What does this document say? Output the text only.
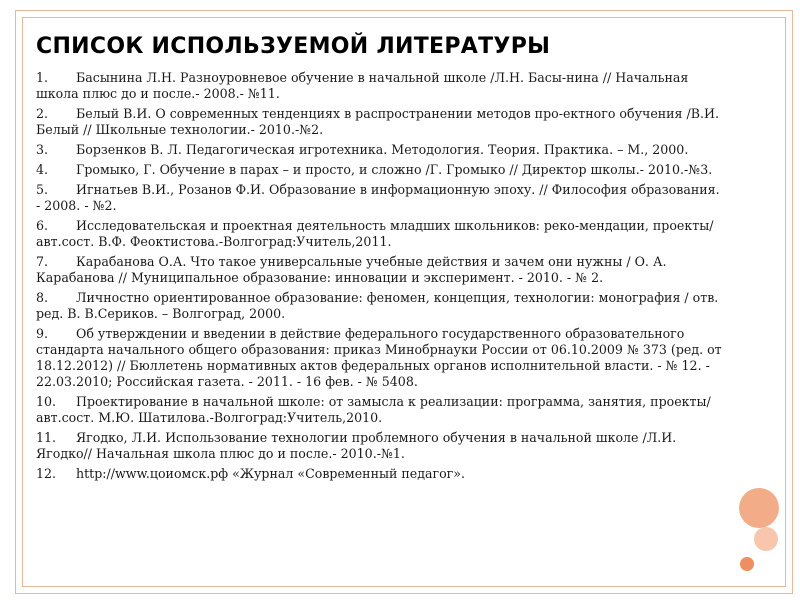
СПИСОК ИСПОЛЬЗУЕМОЙ ЛИТЕРАТУРЫ
1. Басынина Л.Н. Разноуровневое обучение в начальной школе /Л.Н. Басы-нина // Начальная школа плюс до и после.- 2008.- №11.
2. Белый В.И. О современных тенденциях в распространении методов про-ектного обучения /В.И. Белый // Школьные технологии.- 2010.-№2.
3. Борзенков В. Л. Педагогическая игротехника. Методология. Теория. Практика. – М., 2000.
4. Громыко, Г. Обучение в парах – и просто, и сложно /Г. Громыко // Директор школы.- 2010.-№3.
5. Игнатьев В.И., Розанов Ф.И. Образование в информационную эпоху. // Философия образования. - 2008. - №2.
6. Исследовательская и проектная деятельность младших школьников: реко-мендации, проекты/авт.сост. В.Ф. Феоктистова.-Волгоград:Учитель,2011.
7. Карабанова О.А. Что такое универсальные учебные действия и зачем они нужны / О. А. Карабанова // Муниципальное образование: инновации и эксперимент. - 2010. - № 2.
8. Личностно ориентированное образование: феномен, концепция, технологии: монография / отв. ред. В. В.Сериков. – Волгоград, 2000.
9. Об утверждении и введении в действие федерального государственного образовательного стандарта начального общего образования: приказ Минобрнауки России от 06.10.2009 № 373 (ред. от 18.12.2012) // Бюллетень нормативных актов федеральных органов исполнительной власти. - № 12. - 22.03.2010; Российская газета. - 2011. - 16 фев. - № 5408.
10. Проектирование в начальной школе: от замысла к реализации: программа, занятия, проекты/ авт.сост. М.Ю. Шатилова.-Волгоград:Учитель,2010.
11. Ягодко, Л.И. Использование технологии проблемного обучения в начальной школе /Л.И. Ягодко// Начальная школа плюс до и после.- 2010.-№1.
12. http://www.цоиомск.рф «Журнал «Современный педагог».
